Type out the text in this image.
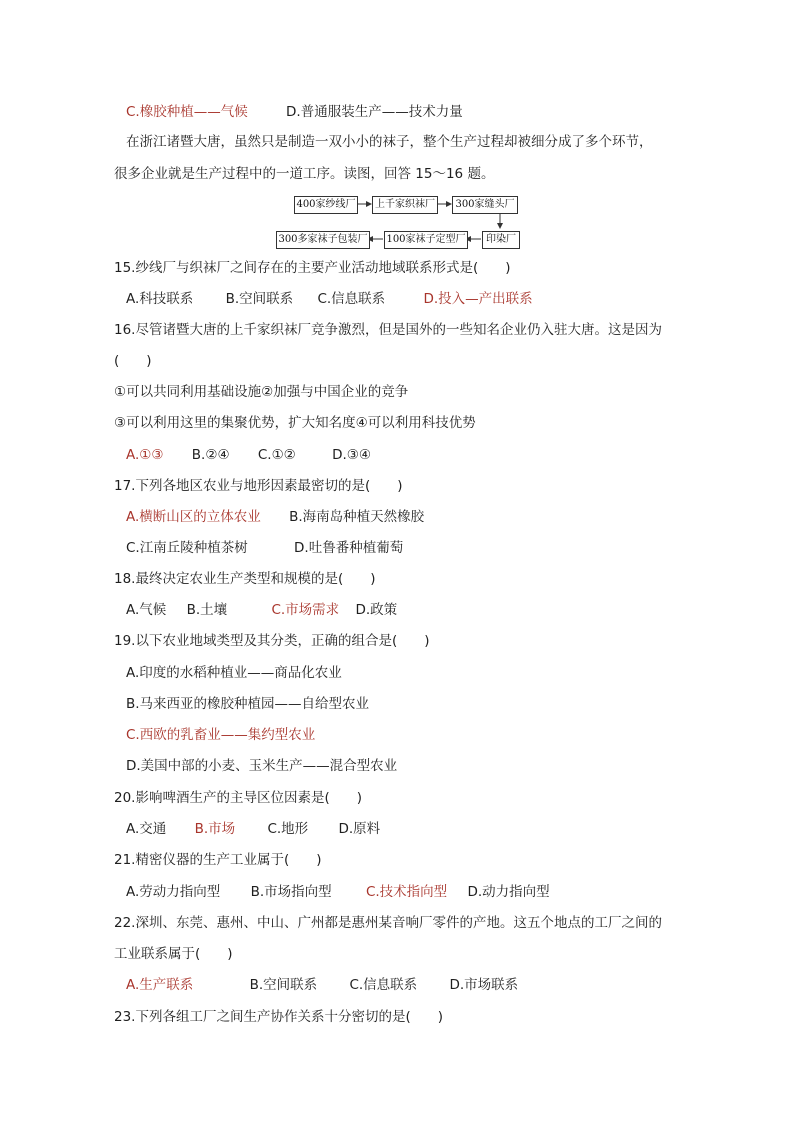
C.橡胶种植——气候	D.普通服装生产——技术力量
在浙江诸暨大唐，虽然只是制造一双小小的袜子，整个生产过程却被细分成了多个环节，
很多企业就是生产过程中的一道工序。读图，回答 15～16 题。
400家纱线厂	上千家织袜厂	300家缝头厂
印染厂
100家袜子定型厂
300多家袜子包装厂
15.纱线厂与织袜厂之间存在的主要产业活动地域联系形式是(　　)
A.科技联系 B.空间联系 C.信息联系	D.投入—产出联系
16.尽管诸暨大唐的上千家织袜厂竞争激烈，但是国外的一些知名企业仍入驻大唐。这是因为
(　　)
①可以共同利用基础设施②加强与中国企业的竞争
③可以利用这里的集聚优势，扩大知名度④可以利用科技优势
A.①③ B.②④ C.①②	D.③④
17.下列各地区农业与地形因素最密切的是(　　)
A.横断山区的立体农业 B.海南岛种植天然橡胶
C.江南丘陵种植茶树	D.吐鲁番种植葡萄
18.最终决定农业生产类型和规模的是(　　)
A.气候 B.土壤	C.市场需求 D.政策
19.以下农业地域类型及其分类，正确的组合是(　　)
A.印度的水稻种植业——商品化农业
B.马来西亚的橡胶种植园——自给型农业
C.西欧的乳畜业——集约型农业
D.美国中部的小麦、玉米生产——混合型农业
20.影响啤酒生产的主导区位因素是(　　)
A.交通 B.市场 C.地形 D.原料
21.精密仪器的生产工业属于(　　)
A.劳动力指向型 B.市场指向型	C.技术指向型 D.动力指向型
22.深圳、东莞、惠州、中山、广州都是惠州某音响厂零件的产地。这五个地点的工厂之间的
工业联系属于(　　)
A.生产联系	B.空间联系 C.信息联系 D.市场联系
23.下列各组工厂之间生产协作关系十分密切的是(　　)
